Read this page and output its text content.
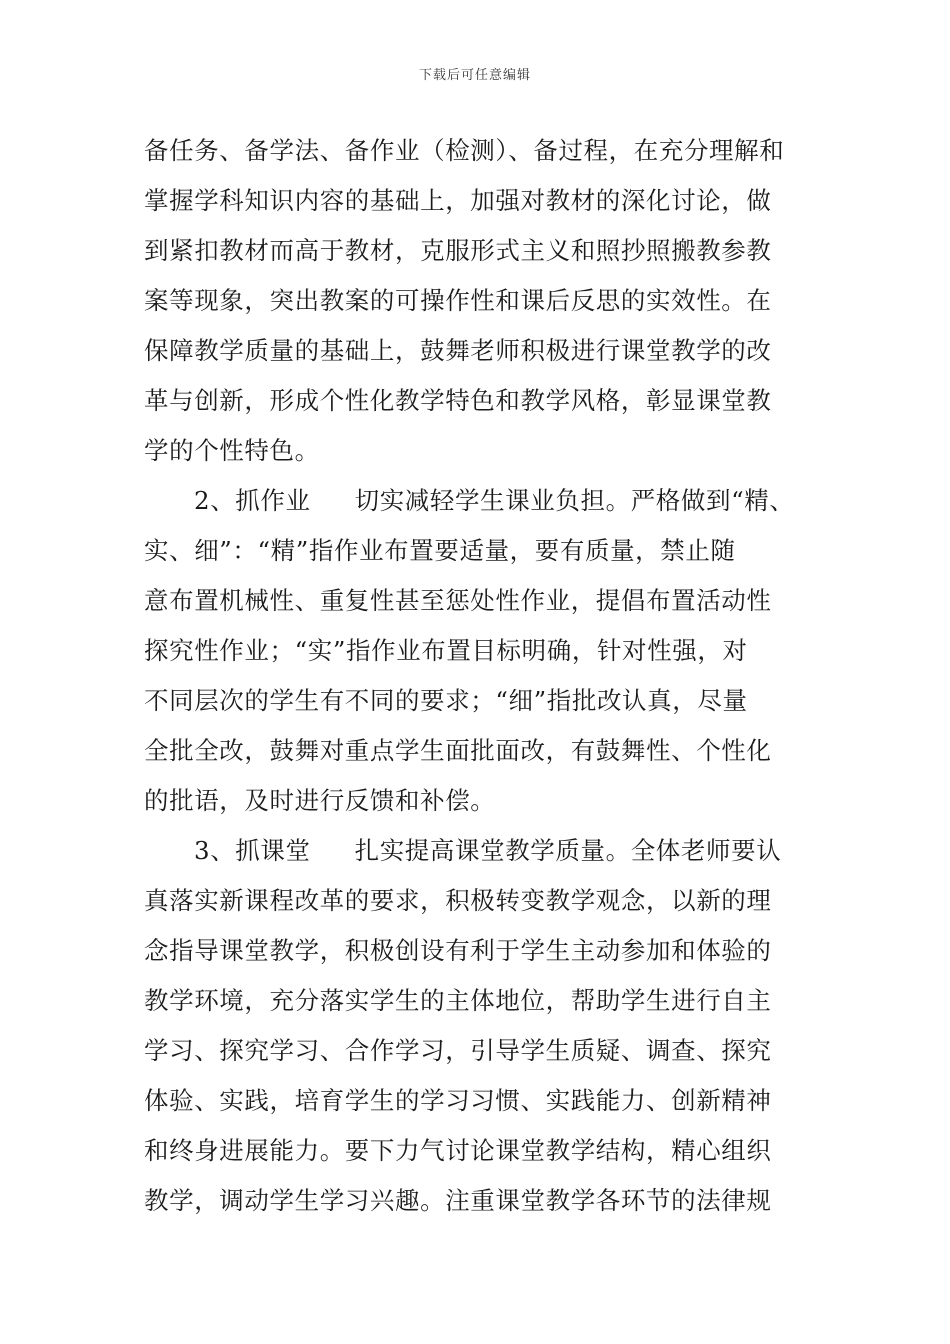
下载后可任意编辑
备任务、备学法、备作业（检测）、备过程，在充分理解和
掌握学科知识内容的基础上，加强对教材的深化讨论，做
到紧扣教材而高于教材，克服形式主义和照抄照搬教参教
案等现象，突出教案的可操作性和课后反思的实效性。在
保障教学质量的基础上，鼓舞老师积极进行课堂教学的改
革与创新，形成个性化教学特色和教学风格，彰显课堂教
学的个性特色。
2、抓作业 切实减轻学生课业负担。严格做到“精、
实、细”：“精”指作业布置要适量，要有质量，禁止随
意布置机械性、重复性甚至惩处性作业，提倡布置活动性
探究性作业；“实”指作业布置目标明确，针对性强，对
不同层次的学生有不同的要求；“细”指批改认真，尽量
全批全改，鼓舞对重点学生面批面改，有鼓舞性、个性化
的批语，及时进行反馈和补偿。
3、抓课堂 扎实提高课堂教学质量。全体老师要认
真落实新课程改革的要求，积极转变教学观念，以新的理
念指导课堂教学，积极创设有利于学生主动参加和体验的
教学环境，充分落实学生的主体地位，帮助学生进行自主
学习、探究学习、合作学习，引导学生质疑、调查、探究
体验、实践，培育学生的学习习惯、实践能力、创新精神
和终身进展能力。要下力气讨论课堂教学结构，精心组织
教学，调动学生学习兴趣。注重课堂教学各环节的法律规
